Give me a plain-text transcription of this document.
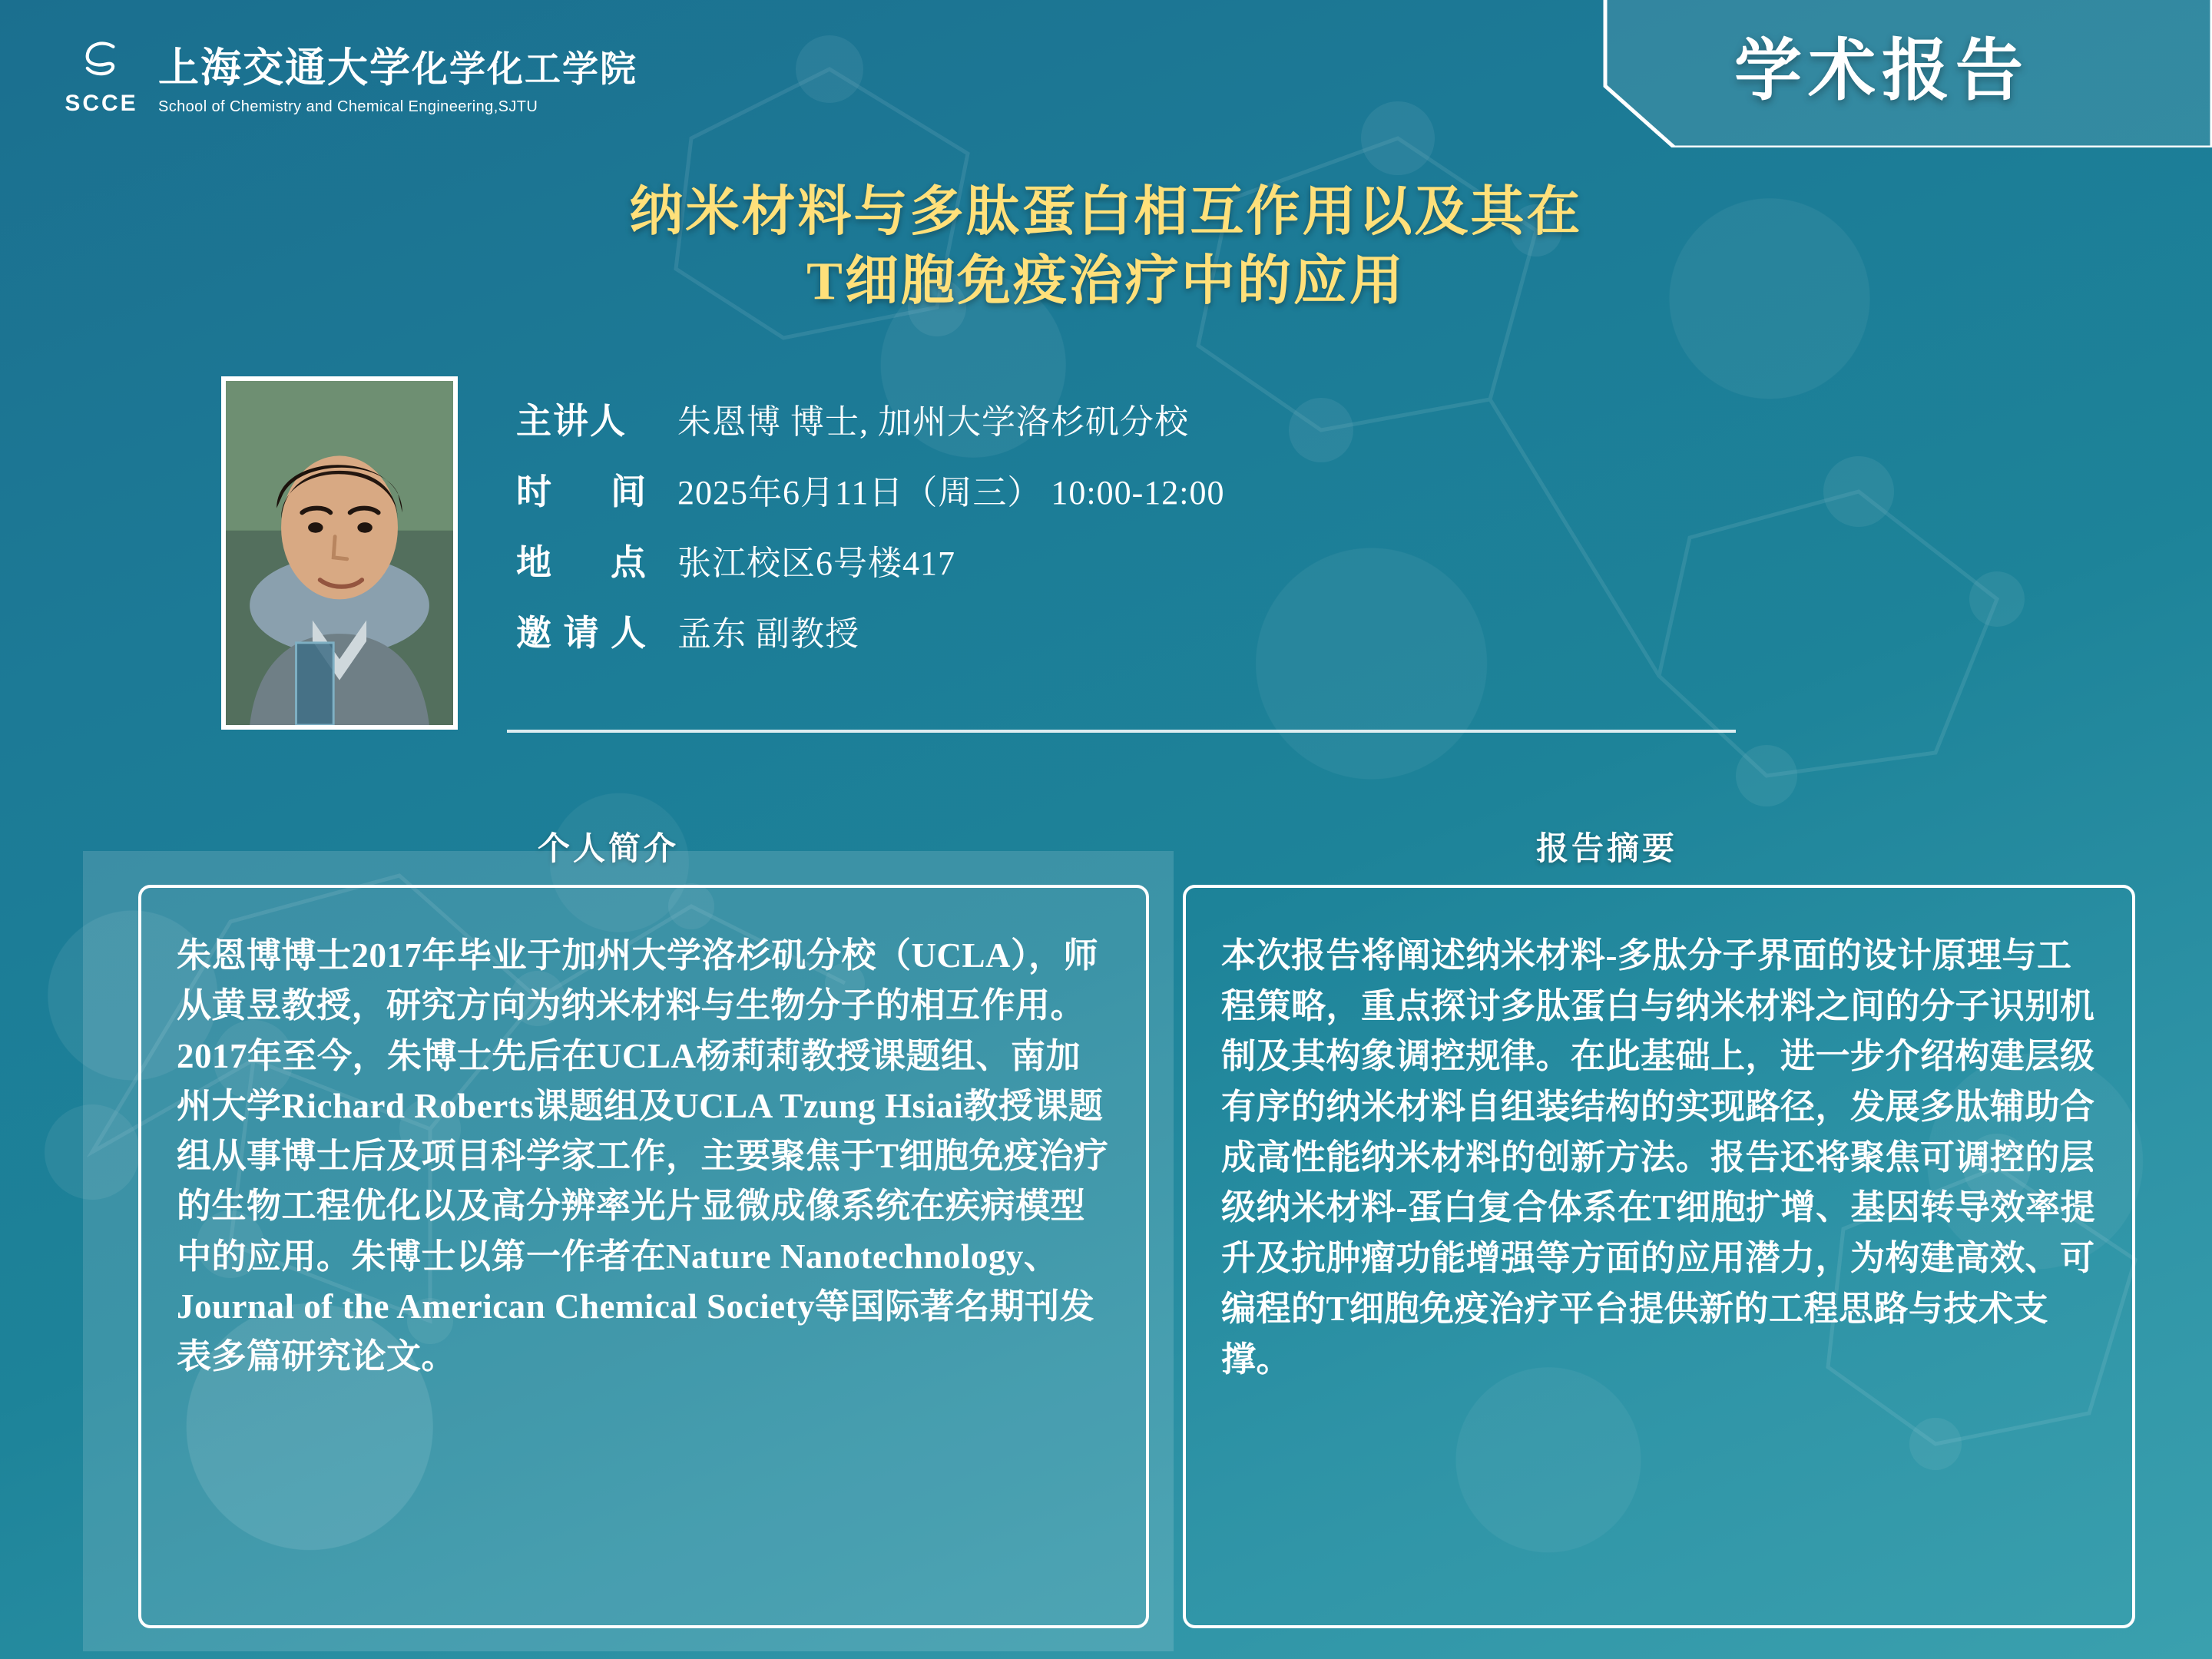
SCCE
上海交通大学化学化工学院
School of Chemistry and Chemical Engineering,SJTU	学术报告
纳米材料与多肽蛋白相互作用以及其在
T细胞免疫治疗中的应用
主讲人	朱恩博 博士, 加州大学洛杉矶分校
时　  间 2025年6月11日（周三） 10:00-12:00
地　  点 张江校区6号楼417
邀 请 人 孟东 副教授
个人简介	报告摘要
朱恩博博士2017年毕业于加州大学洛杉矶分校（UCLA），师从黄昱教授，研究方向为纳米材料与生物分子的相互作用。2017年至今，朱博士先后在UCLA杨莉莉教授课题组、南加州大学Richard Roberts课题组及UCLA Tzung Hsiai教授课题组从事博士后及项目科学家工作，主要聚焦于T细胞免疫治疗的生物工程优化以及高分辨率光片显微成像系统在疾病模型中的应用。朱博士以第一作者在Nature Nanotechnology、Journal of the American Chemical Society等国际著名期刊发表多篇研究论文。
本次报告将阐述纳米材料-多肽分子界面的设计原理与工程策略，重点探讨多肽蛋白与纳米材料之间的分子识别机制及其构象调控规律。在此基础上，进一步介绍构建层级有序的纳米材料自组装结构的实现路径，发展多肽辅助合成高性能纳米材料的创新方法。报告还将聚焦可调控的层级纳米材料-蛋白复合体系在T细胞扩增、基因转导效率提升及抗肿瘤功能增强等方面的应用潜力，为构建高效、可编程的T细胞免疫治疗平台提供新的工程思路与技术支撑。
